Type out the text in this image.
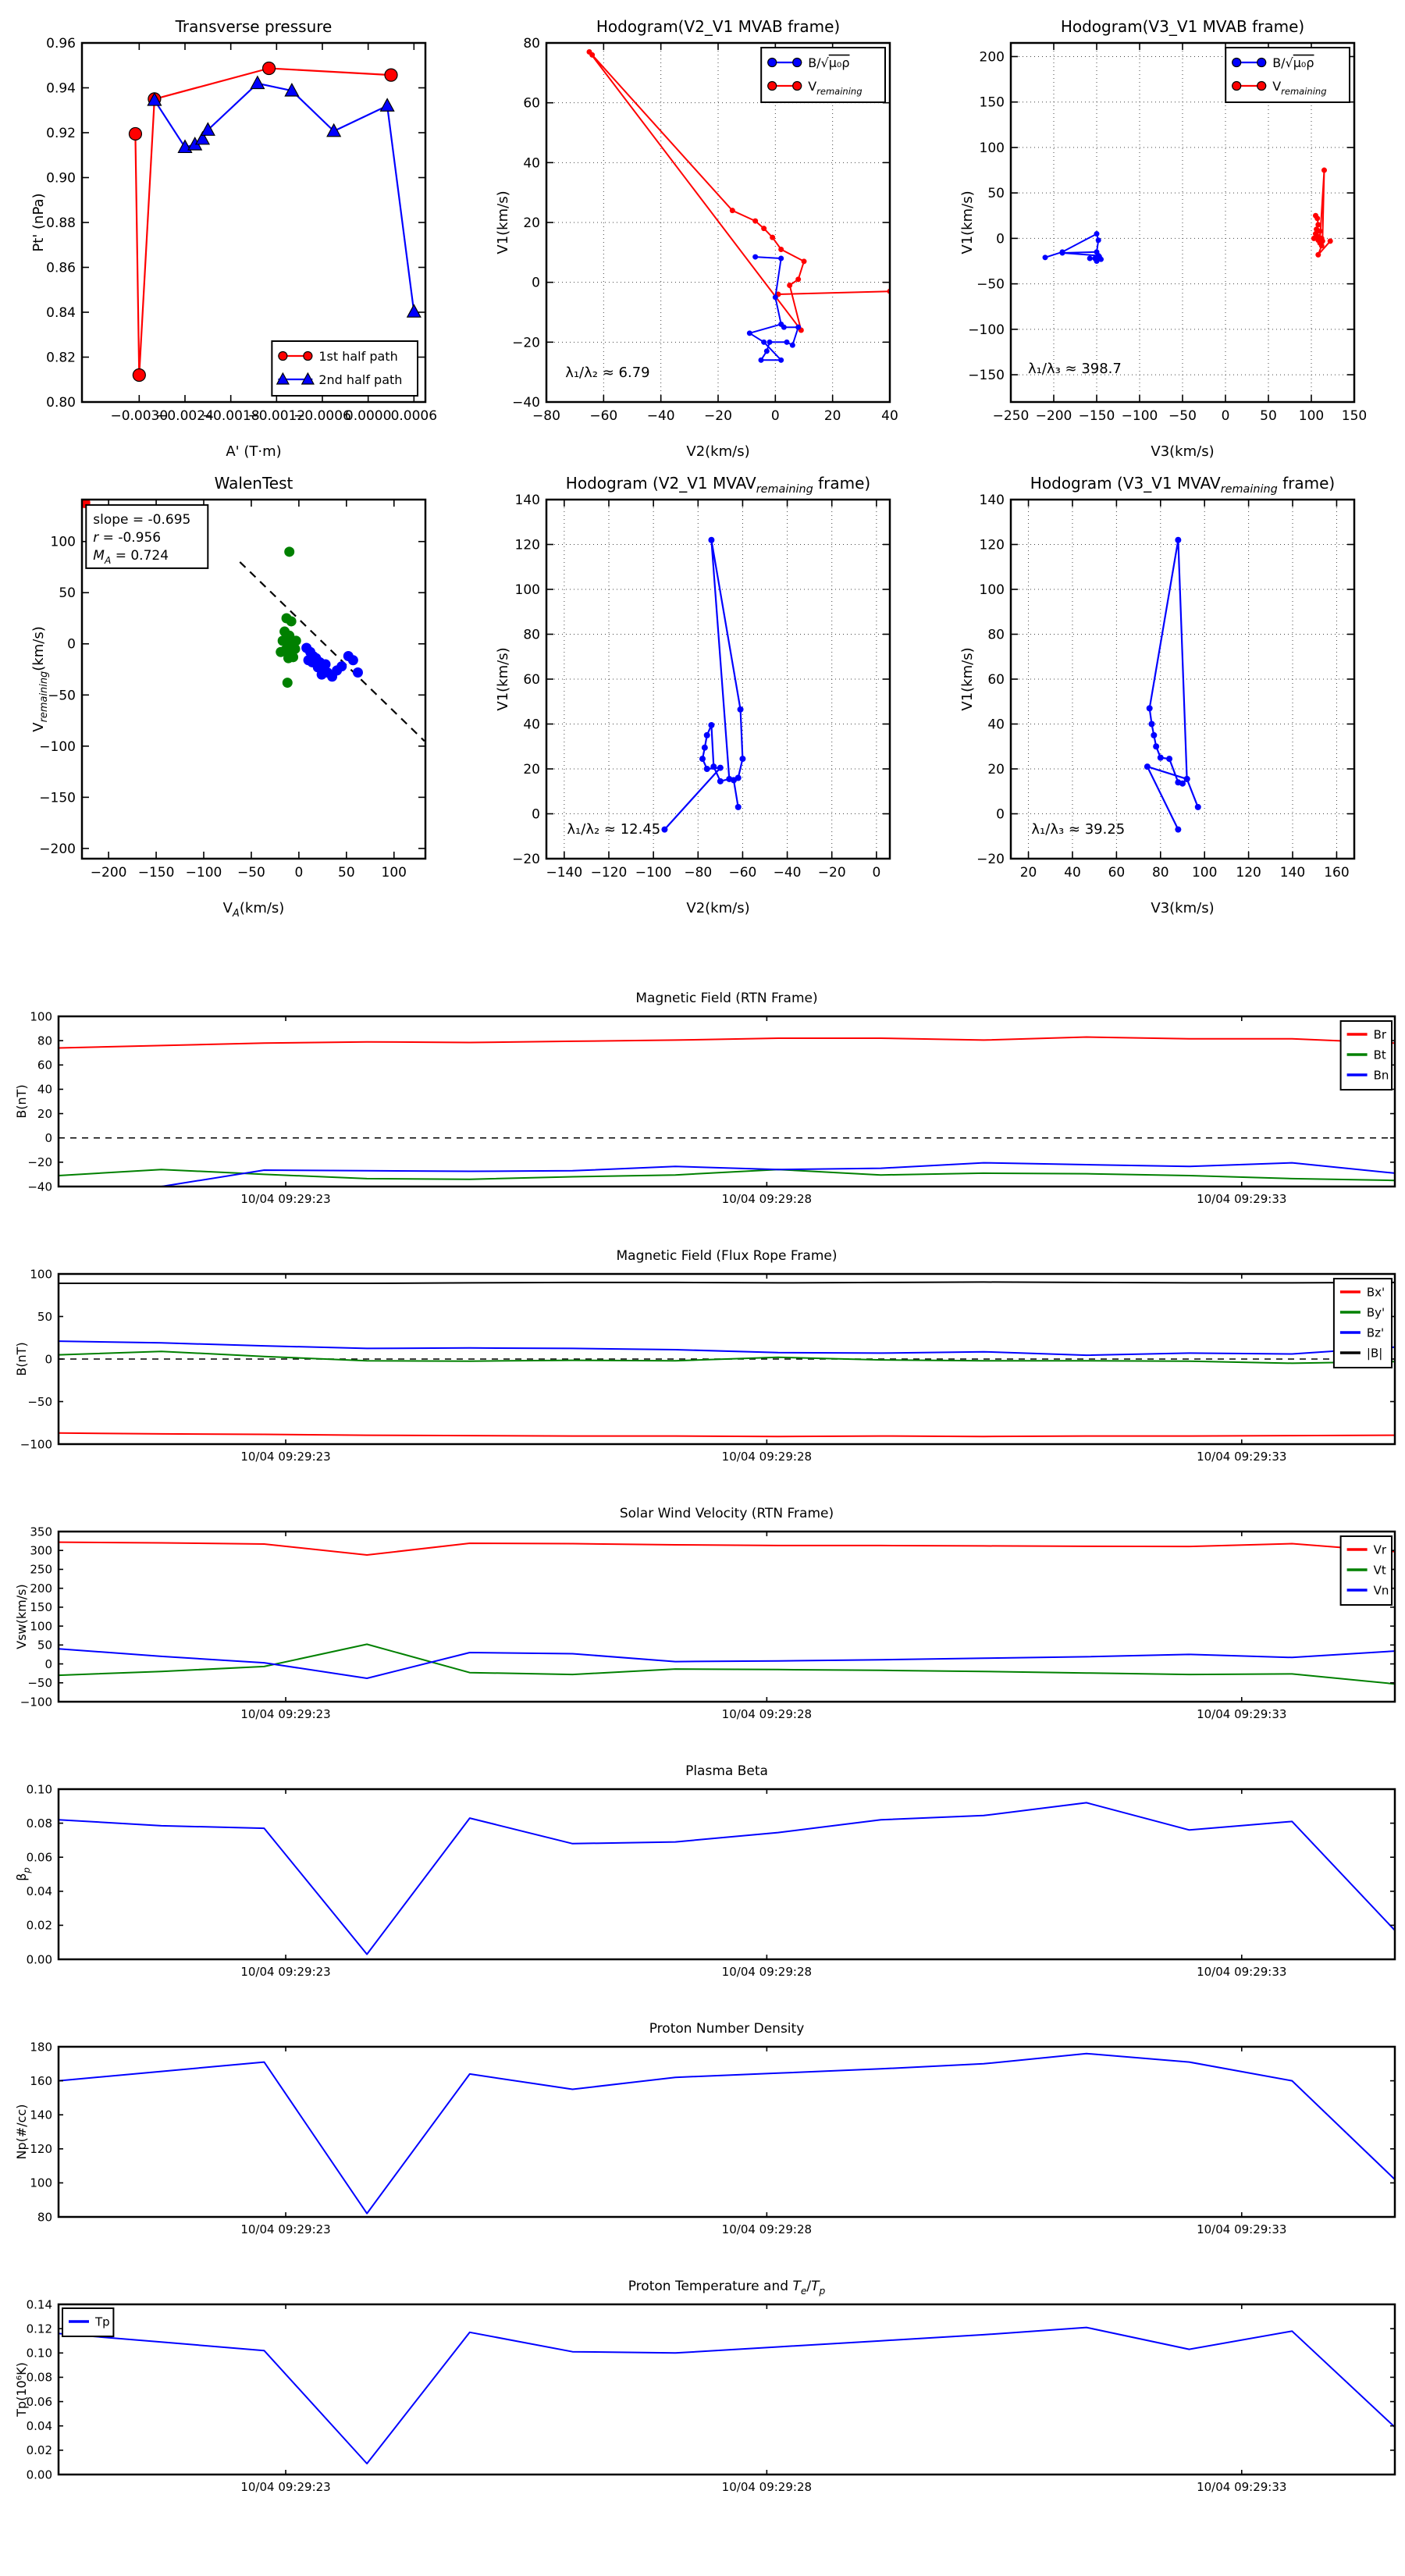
−0.0030
−0.0024
−0.0018
−0.0012
−0.0006
0.0000 0.0006
0.80
0.82
0.84
0.86
0.88
0.90
0.92
0.94
0.96
Transverse pressure
A' (T·m)
Pt' (nPa)
1st half path
2nd half path
−80 −60 −40 −20	0	20	40
−40
−20
0
20
40
60
80
Hodogram(V2_V1 MVAB frame)
V2(km/s)
V1(km/s)
B/√μ₀ρ
$V_{remaining}$
λ₁/λ₂ ≈ 6.79
−250 −200 −150 −100 −50 0 50 100 150
−150
−100
−50
0
50
100
150
200
Hodogram(V3_V1 MVAB frame)
V3(km/s)
V1(km/s)
B/√μ₀ρ
$V_{remaining}$
λ₁/λ₃ ≈ 398.7
−200 −150 −100 −50 0	50 100
−200
−150
−100
−50
0
50
100
WalenTest
$V_A(km/s)$
$V_{remaining}(km/s)$
slope = -0.695
r = -0.956
$M_A = 0.724$
−140 −120 −100 −80 −60 −40 −20 0
−20
0
20
40
60
80
100
120
140
Hodogram (V2_V1 $MVAV_{remaining}$ frame)
V2(km/s)
V1(km/s)
λ₁/λ₂ ≈ 12.45
20 40 60 80 100 120 140 160
−20
0
20
40
60
80
100
120
140
Hodogram (V3_V1 $MVAV_{remaining}$ frame)
V3(km/s)
V1(km/s)
λ₁/λ₃ ≈ 39.25
10/04 09:29:23	10/04 09:29:28	10/04 09:29:33
−40
−20
0
20
40
60
80
100
Magnetic Field (RTN Frame)
B(nT)
Br
Bt
Bn
10/04 09:29:23	10/04 09:29:28	10/04 09:29:33
−100
−50
0
50
100
Magnetic Field (Flux Rope Frame)
B(nT)
Bx'
By'
Bz'
|B|
10/04 09:29:23	10/04 09:29:28	10/04 09:29:33
−100
−50
0
50
100
150
200
250
300
350
Solar Wind Velocity (RTN Frame)
Vsw(km/s)
Vr
Vt
Vn
10/04 09:29:23	10/04 09:29:28	10/04 09:29:33
0.00
0.02
0.04
0.06
0.08
0.10
Plasma Beta
$\beta_p$
10/04 09:29:23	10/04 09:29:28	10/04 09:29:33
80
100
120
140
160
180
Proton Number Density
Np(#/cc)
10/04 09:29:23	10/04 09:29:28	10/04 09:29:33
0.00
0.02
0.04
0.06
0.08
0.10
0.12
0.14
Proton Temperature and $T_e/T_p$
Tp(10⁶K)
Tp
